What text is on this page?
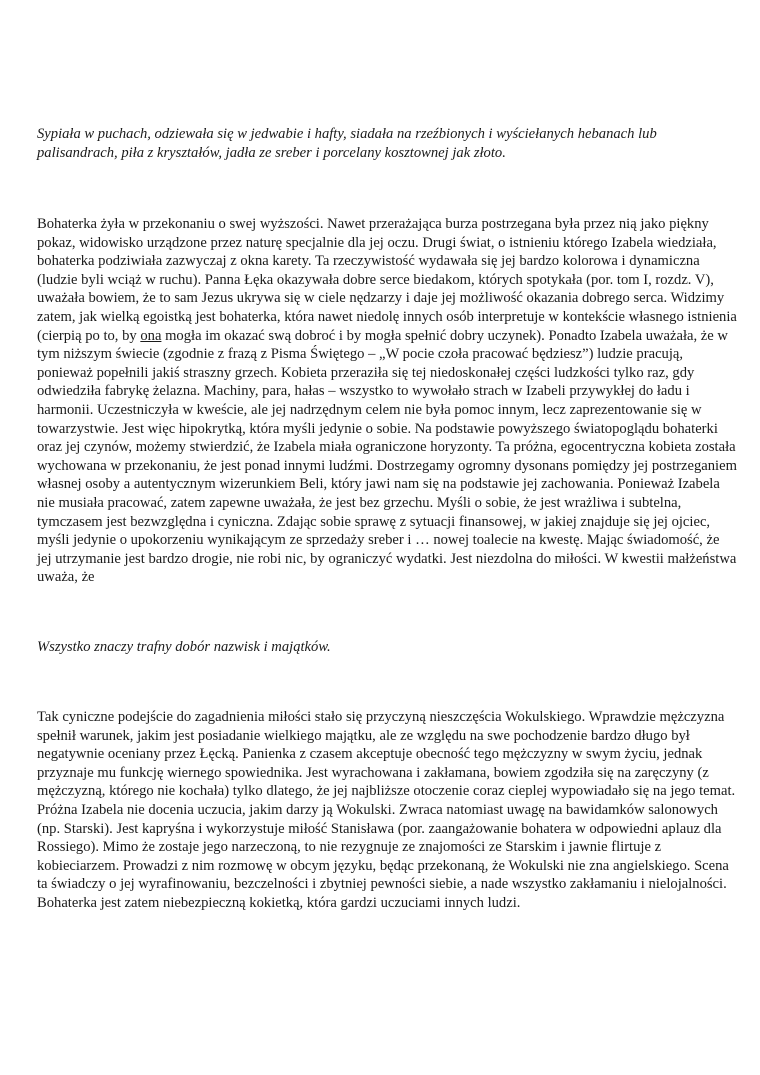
Sypiała w puchach, odziewała się w jedwabie i hafty, siadała na rzeźbionych i wyściełanych hebanach lub palisandrach, piła z kryształów, jadła ze sreber i porcelany kosztownej jak złoto.

Bohaterka żyła w przekonaniu o swej wyższości. Nawet przerażająca burza postrzegana była przez nią jako piękny pokaz, widowisko urządzone przez naturę specjalnie dla jej oczu. Drugi świat, o istnieniu którego Izabela wiedziała, bohaterka podziwiała zazwyczaj z okna karety. Ta rzeczywistość wydawała się jej bardzo kolorowa i dynamiczna (ludzie byli wciąż w ruchu). Panna Łęka okazywała dobre serce biedakom, których spotykała (por. tom I, rozdz. V), uważała bowiem, że to sam Jezus ukrywa się w ciele nędzarzy i daje jej możliwość okazania dobrego serca. Widzimy zatem, jak wielką egoistką jest bohaterka, która nawet niedolę innych osób interpretuje w kontekście własnego istnienia (cierpią po to, by ona mogła im okazać swą dobroć i by mogła spełnić dobry uczynek). Ponadto Izabela uważała, że w tym niższym świecie (zgodnie z frazą z Pisma Świętego – „W pocie czoła pracować będziesz”) ludzie pracują, ponieważ popełnili jakiś straszny grzech. Kobieta przeraziła się tej niedoskonałej części ludzkości tylko raz, gdy odwiedziła fabrykę żelazna. Machiny, para, hałas – wszystko to wywołało strach w Izabeli przywykłej do ładu i harmonii. Uczestniczyła w kweście, ale jej nadrzędnym celem nie była pomoc innym, lecz zaprezentowanie się w towarzystwie. Jest więc hipokrytką, która myśli jedynie o sobie. Na podstawie powyższego światopoglądu bohaterki oraz jej czynów, możemy stwierdzić, że Izabela miała ograniczone horyzonty. Ta próżna, egocentryczna kobieta została wychowana w przekonaniu, że jest ponad innymi ludźmi. Dostrzegamy ogromny dysonans pomiędzy jej postrzeganiem własnej osoby a autentycznym wizerunkiem Beli, który jawi nam się na podstawie jej zachowania. Ponieważ Izabela nie musiała pracować, zatem zapewne uważała, że jest bez grzechu. Myśli o sobie, że jest wrażliwa i subtelna, tymczasem jest bezwzględna i cyniczna. Zdając sobie sprawę z sytuacji finansowej, w jakiej znajduje się jej ojciec, myśli jedynie o upokorzeniu wynikającym ze sprzedaży sreber i … nowej toalecie na kwestę. Mając świadomość, że jej utrzymanie jest bardzo drogie, nie robi nic, by ograniczyć wydatki. Jest niezdolna do miłości. W kwestii małżeństwa uważa, że

Wszystko znaczy trafny dobór nazwisk i majątków.

Tak cyniczne podejście do zagadnienia miłości stało się przyczyną nieszczęścia Wokulskiego. Wprawdzie mężczyzna spełnił warunek, jakim jest posiadanie wielkiego majątku, ale ze względu na swe pochodzenie bardzo długo był negatywnie oceniany przez Łęcką. Panienka z czasem akceptuje obecność tego mężczyzny w swym życiu, jednak przyznaje mu funkcję wiernego spowiednika. Jest wyrachowana i zakłamana, bowiem zgodziła się na zaręczyny (z mężczyzną, którego nie kochała) tylko dlatego, że jej najbliższe otoczenie coraz cieplej wypowiadało się na jego temat. Próżna Izabela nie docenia uczucia, jakim darzy ją Wokulski. Zwraca natomiast uwagę na bawidamków salonowych (np. Starski). Jest kapryśna i wykorzystuje miłość Stanisława (por. zaangażowanie bohatera w odpowiedni aplauz dla Rossiego). Mimo że zostaje jego narzeczoną, to nie rezygnuje ze znajomości ze Starskim i jawnie flirtuje z kobieciarzem. Prowadzi z nim rozmowę w obcym języku, będąc przekonaną, że Wokulski nie zna angielskiego. Scena ta świadczy o jej wyrafinowaniu, bezczelności i zbytniej pewności siebie, a nade wszystko zakłamaniu i nielojalności. Bohaterka jest zatem niebezpieczną kokietką, która gardzi uczuciami innych ludzi.
